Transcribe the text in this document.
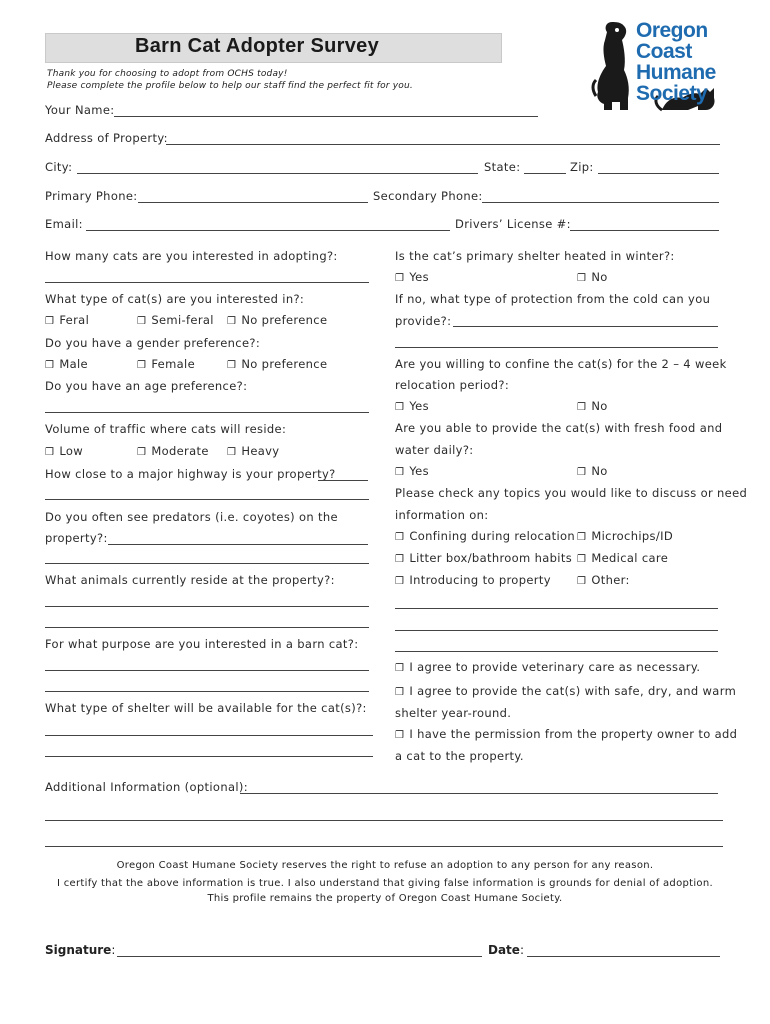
Barn Cat Adopter Survey
Thank you for choosing to adopt from OCHS today!
Please complete the profile below to help our staff find the perfect fit for you.
Oregon
Coast
Humane
Society
Your Name:
Address of Property:
City:	State:	Zip:
Primary Phone:	Secondary Phone:
Email:	Drivers’ License #:
How many cats are you interested in adopting?:
What type of cat(s) are you interested in?:
❒ Feral	❒ Semi-feral ❒ No preference
Do you have a gender preference?:
❒ Male	❒ Female	❒ No preference
Do you have an age preference?:
Volume of traffic where cats will reside:
❒ Low	❒ Moderate ❒ Heavy
How close to a major highway is your property?
Do you often see predators (i.e. coyotes) on the
property?:
What animals currently reside at the property?:
For what purpose are you interested in a barn cat?:
What type of shelter will be available for the cat(s)?:
Is the cat’s primary shelter heated in winter?:
❒ Yes	❒ No
If no, what type of protection from the cold can you
provide?:
Are you willing to confine the cat(s) for the 2 – 4 week
relocation period?:
❒ Yes	❒ No
Are you able to provide the cat(s) with fresh food and
water daily?:
❒ Yes	❒ No
Please check any topics you would like to discuss or need
information on:
❒ Confining during relocation ❒ Microchips/ID
❒ Litter box/bathroom habits ❒ Medical care
❒ Introducing to property	❒ Other:
❒ I agree to provide veterinary care as necessary.
❒ I agree to provide the cat(s) with safe, dry, and warm
shelter year-round.
❒ I have the permission from the property owner to add
a cat to the property.
Additional Information (optional):
Oregon Coast Humane Society reserves the right to refuse an adoption to any person for any reason.
I certify that the above information is true. I also understand that giving false information is grounds for denial of adoption.
This profile remains the property of Oregon Coast Humane Society.
Signature:	Date:
